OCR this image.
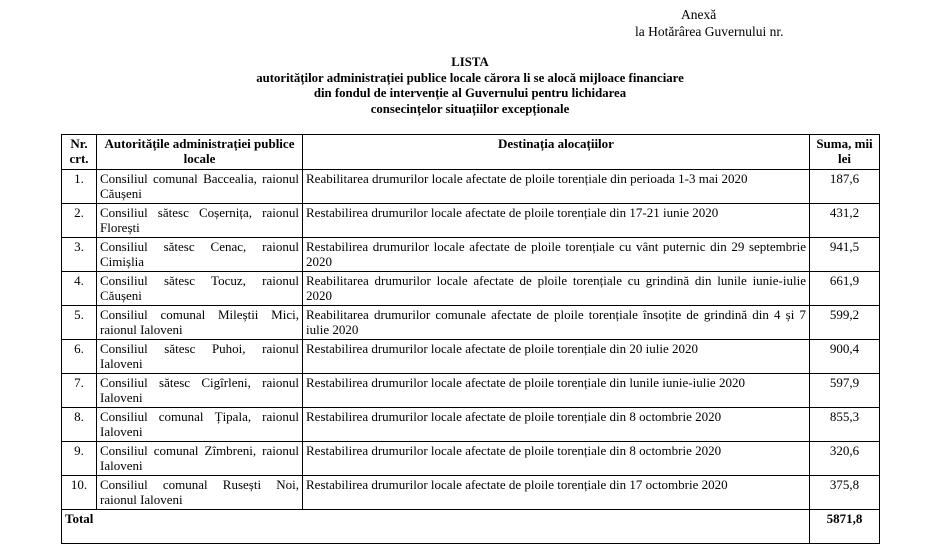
Anexă
la Hotărârea Guvernului nr.
LISTA
autorităților administrației publice locale cărora li se alocă mijloace financiare
din fondul de intervenție al Guvernului pentru lichidarea
consecințelor situațiilor excepționale
Nr. crt.	Autoritățile administrației publice locale	Destinația alocațiilor	Suma, mii lei
1.	Consiliul comunal Baccealia, raionul Căușeni	Reabilitarea drumurilor locale afectate de ploile torențiale din perioada 1-3 mai 2020	187,6
2.	Consiliul sătesc Coșernița, raionul Florești	Restabilirea drumurilor locale afectate de ploile torențiale din 17-21 iunie 2020	431,2
3.	Consiliul sătesc Cenac, raionul Cimișlia	Restabilirea drumurilor locale afectate de ploile torențiale cu vânt puternic din 29 septembrie 2020	941,5
4.	Consiliul sătesc Tocuz, raionul Căușeni	Reabilitarea drumurilor locale afectate de ploile torențiale cu grindină din lunile iunie-iulie 2020	661,9
5.	Consiliul comunal Mileștii Mici, raionul Ialoveni	Reabilitarea drumurilor comunale afectate de ploile torențiale însoțite de grindină din 4 și 7 iulie 2020	599,2
6.	Consiliul sătesc Puhoi, raionul Ialoveni	Restabilirea drumurilor locale afectate de ploile torențiale din 20 iulie 2020	900,4
7.	Consiliul sătesc Cigîrleni, raionul Ialoveni	Restabilirea drumurilor locale afectate de ploile torențiale din lunile iunie-iulie 2020	597,9
8.	Consiliul comunal Țipala, raionul Ialoveni	Restabilirea drumurilor locale afectate de ploile torențiale din 8 octombrie 2020	855,3
9.	Consiliul comunal Zîmbreni, raionul Ialoveni	Restabilirea drumurilor locale afectate de ploile torențiale din 8 octombrie 2020	320,6
10.	Consiliul comunal Rusești Noi, raionul Ialoveni	Restabilirea drumurilor locale afectate de ploile torențiale din 17 octombrie 2020	375,8
Total			5871,8
